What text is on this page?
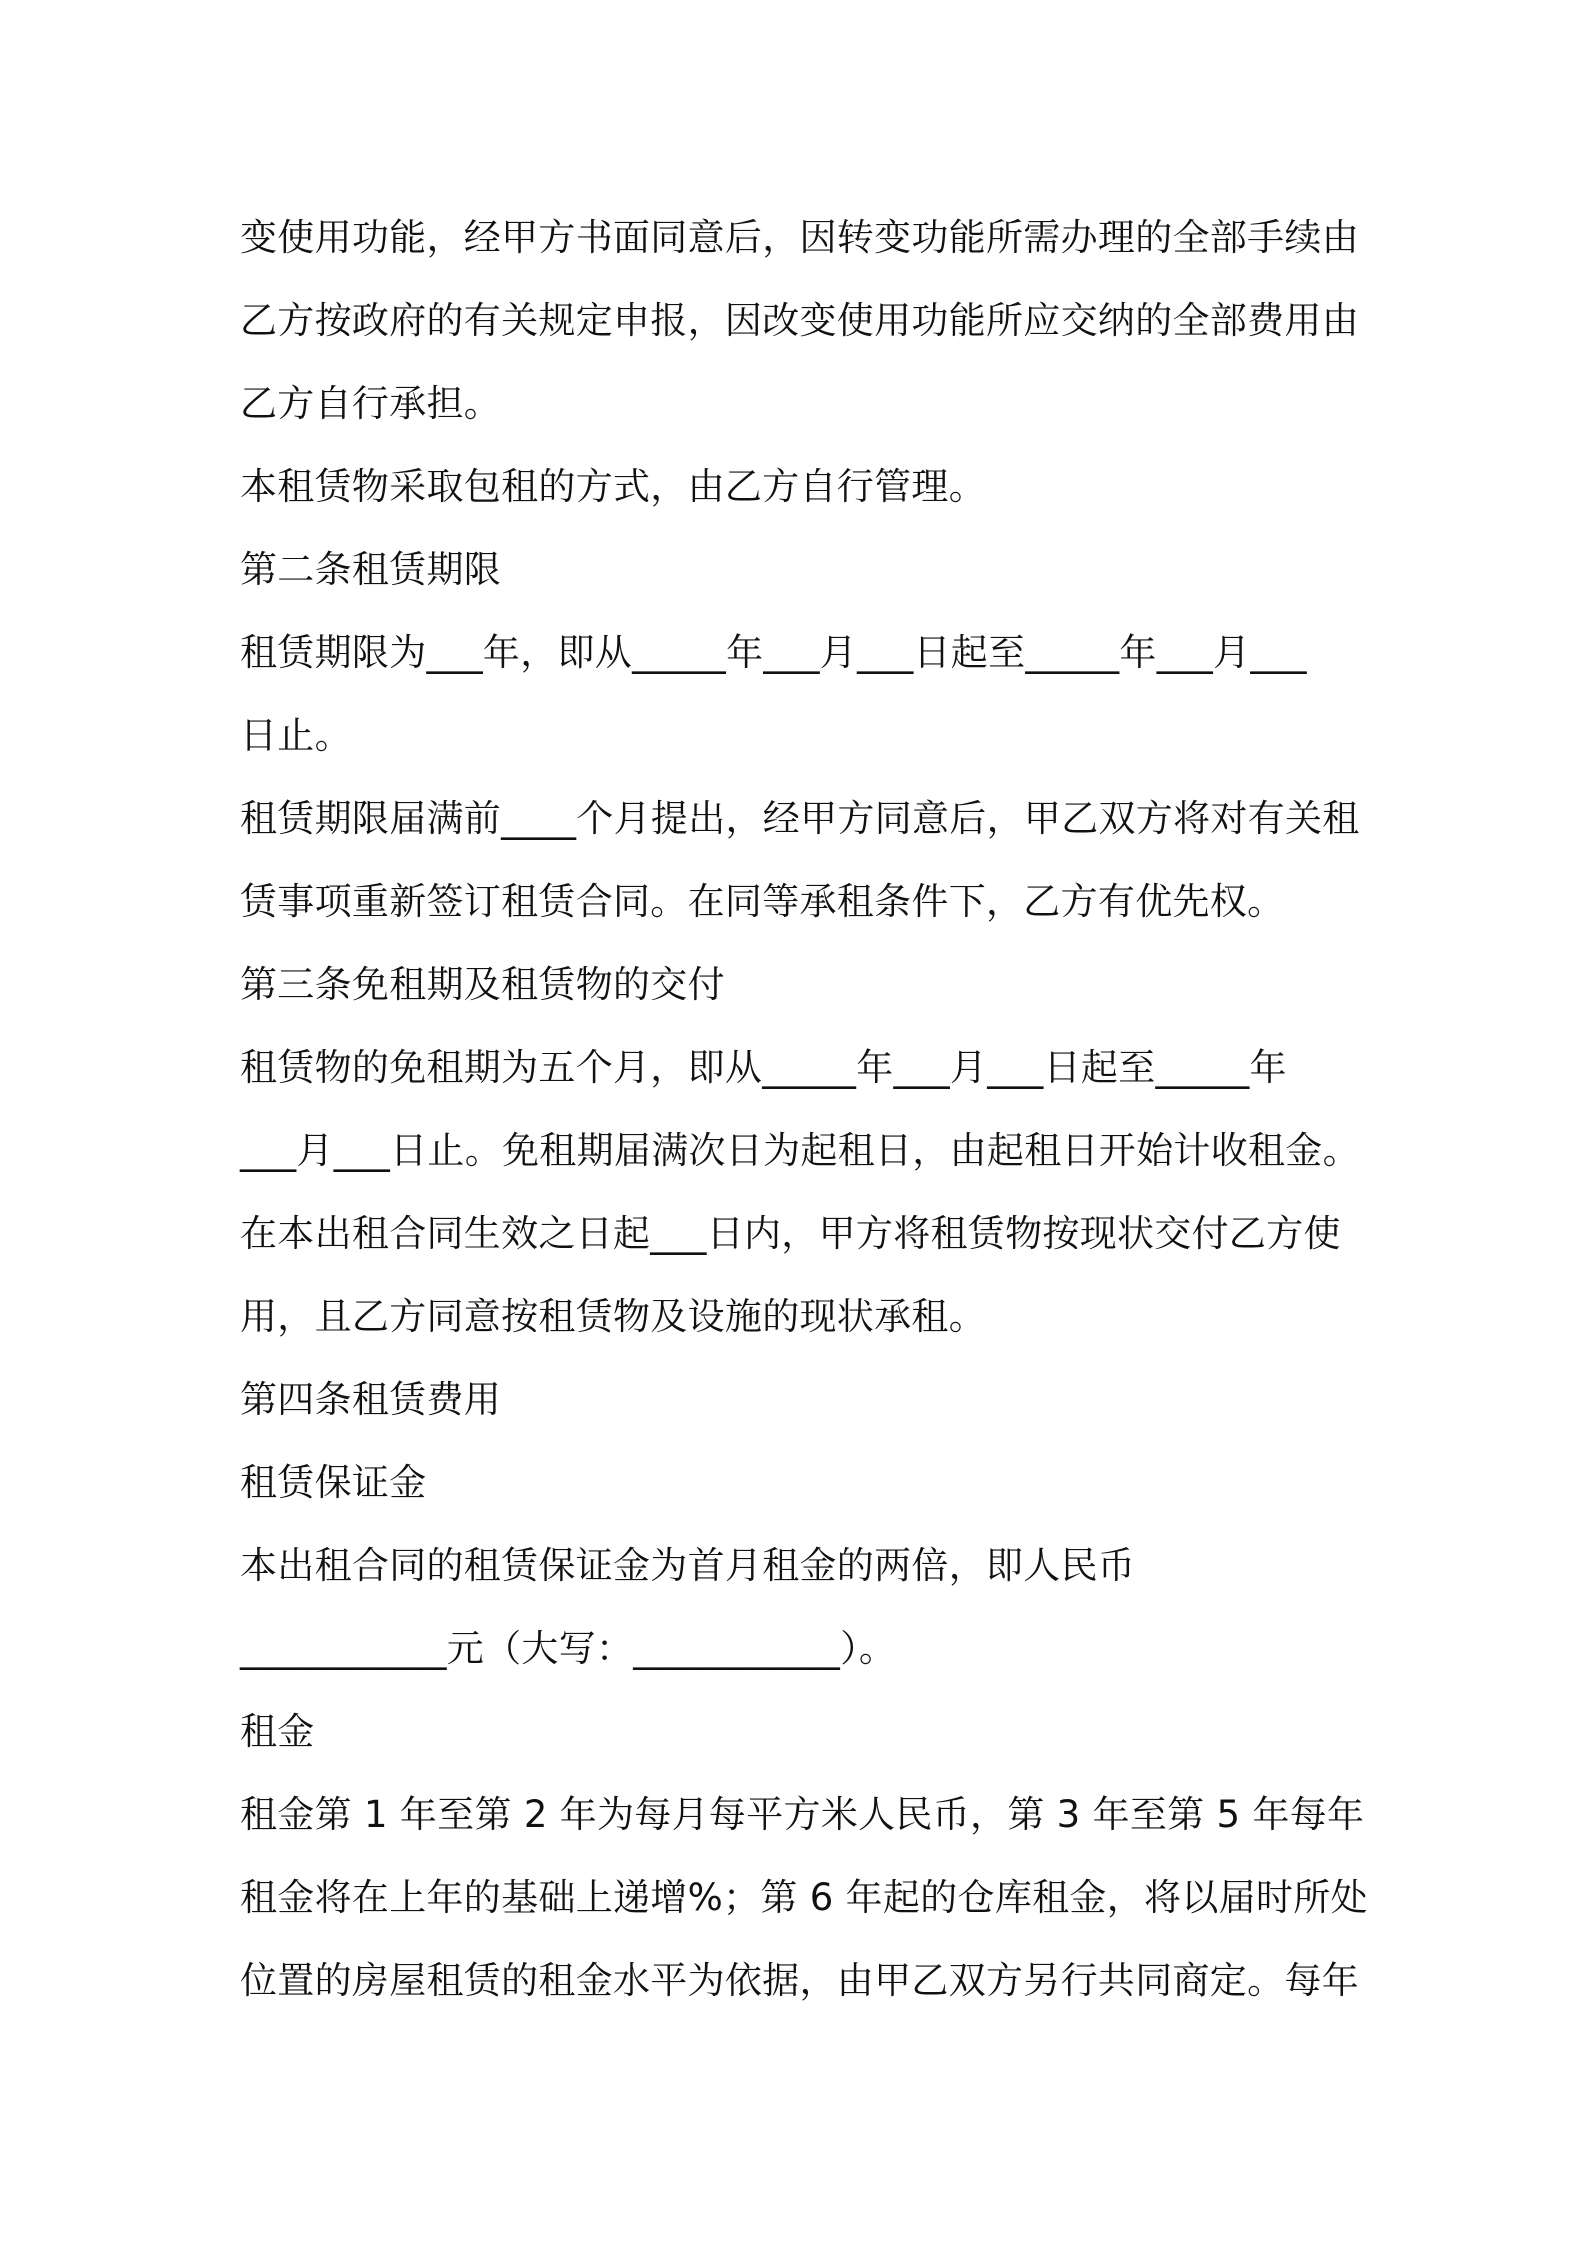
变使用功能，经甲方书面同意后，因转变功能所需办理的全部手续由
乙方按政府的有关规定申报，因改变使用功能所应交纳的全部费用由
乙方自行承担。
本租赁物采取包租的方式，由乙方自行管理。
第二条租赁期限
租赁期限为___年，即从_____年___月___日起至_____年___月___
日止。
租赁期限届满前____个月提出，经甲方同意后，甲乙双方将对有关租
赁事项重新签订租赁合同。在同等承租条件下，乙方有优先权。
第三条免租期及租赁物的交付
租赁物的免租期为五个月，即从_____年___月___日起至_____年
___月___日止。免租期届满次日为起租日，由起租日开始计收租金。
在本出租合同生效之日起___日内，甲方将租赁物按现状交付乙方使
用，且乙方同意按租赁物及设施的现状承租。
第四条租赁费用
租赁保证金
本出租合同的租赁保证金为首月租金的两倍，即人民币
___________元（大写：___________）。
租金
租金第 1 年至第 2 年为每月每平方米人民币，第 3 年至第 5 年每年
租金将在上年的基础上递增%；第 6 年起的仓库租金，将以届时所处
位置的房屋租赁的租金水平为依据，由甲乙双方另行共同商定。每年
